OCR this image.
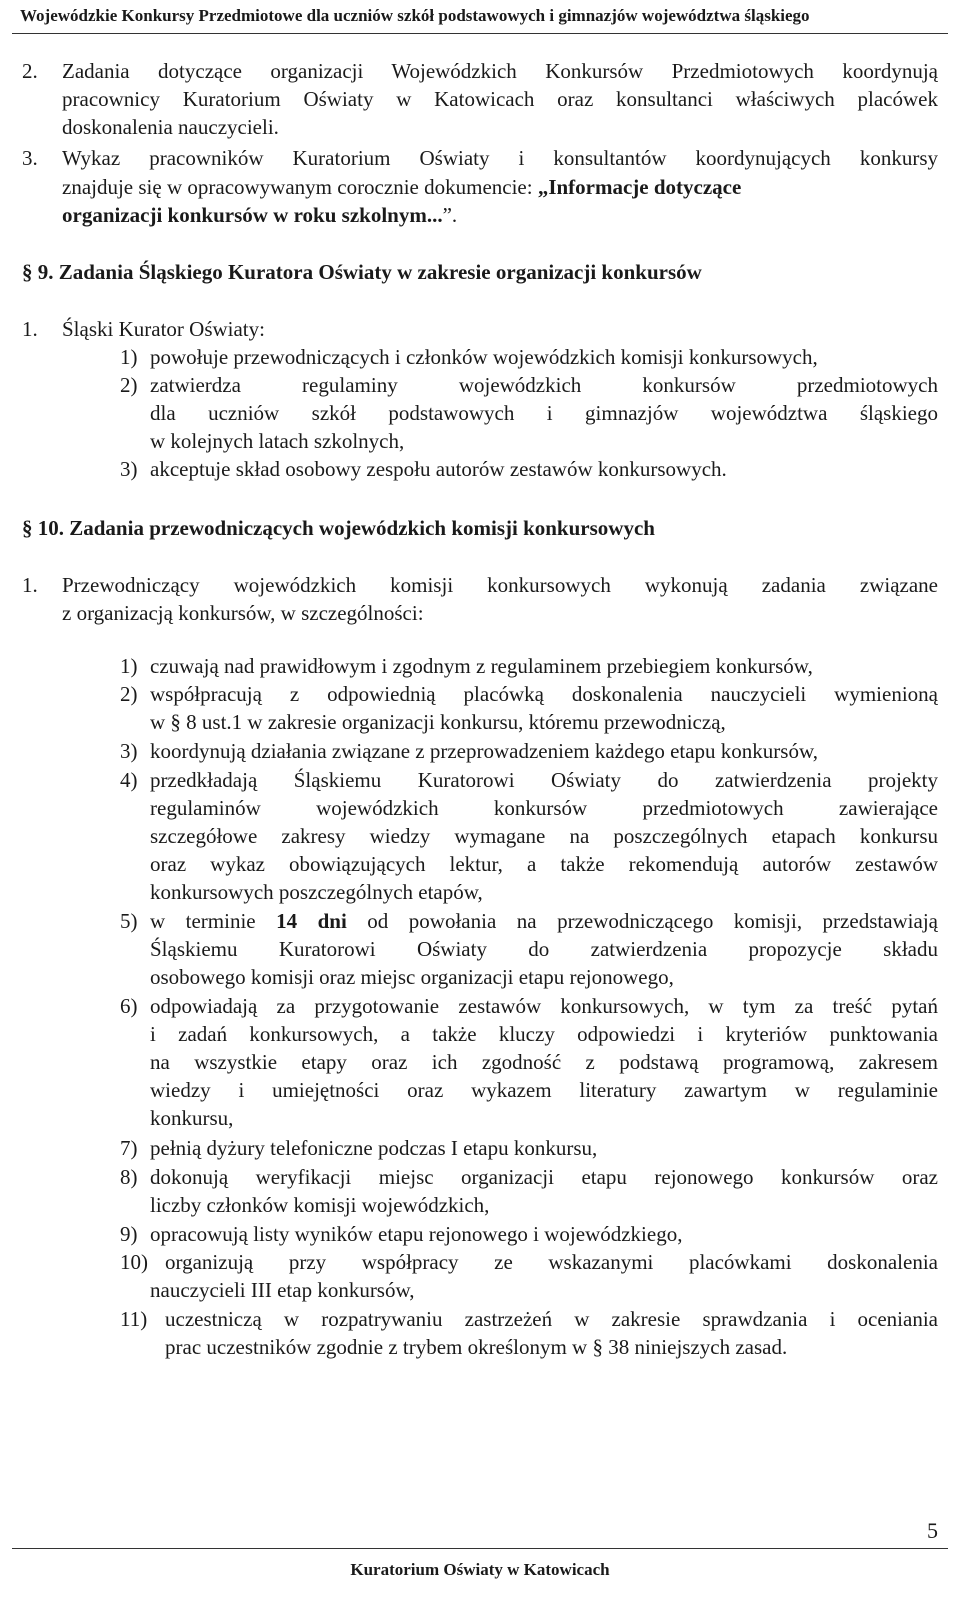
Wojewódzkie Konkursy Przedmiotowe dla uczniów szkół podstawowych i gimnazjów województwa śląskiego
2. Zadania dotyczące organizacji Wojewódzkich Konkursów Przedmiotowych koordynują
pracownicy Kuratorium Oświaty w Katowicach oraz konsultanci właściwych placówek
doskonalenia nauczycieli.
3. Wykaz pracowników Kuratorium Oświaty i konsultantów koordynujących konkursy
znajduje się w opracowywanym corocznie dokumencie: „Informacje dotyczące
organizacji konkursów w roku szkolnym...”.
§ 9. Zadania Śląskiego Kuratora Oświaty w zakresie organizacji konkursów
1. Śląski Kurator Oświaty:
1) powołuje przewodniczących i członków wojewódzkich komisji konkursowych,
2) zatwierdza regulaminy wojewódzkich konkursów przedmiotowych
dla uczniów szkół podstawowych i gimnazjów województwa śląskiego
w kolejnych latach szkolnych,
3) akceptuje skład osobowy zespołu autorów zestawów konkursowych.
§ 10. Zadania przewodniczących wojewódzkich komisji konkursowych
1. Przewodniczący wojewódzkich komisji konkursowych wykonują zadania związane
z organizacją konkursów, w szczególności:
1) czuwają nad prawidłowym i zgodnym z regulaminem przebiegiem konkursów,
2) współpracują z odpowiednią placówką doskonalenia nauczycieli wymienioną
w § 8 ust.1 w zakresie organizacji konkursu, któremu przewodniczą,
3) koordynują działania związane z przeprowadzeniem każdego etapu konkursów,
4) przedkładają Śląskiemu Kuratorowi Oświaty do zatwierdzenia projekty
regulaminów wojewódzkich konkursów przedmiotowych zawierające
szczegółowe zakresy wiedzy wymagane na poszczególnych etapach konkursu
oraz wykaz obowiązujących lektur, a także rekomendują autorów zestawów
konkursowych poszczególnych etapów,
5) w terminie 14 dni od powołania na przewodniczącego komisji, przedstawiają
Śląskiemu Kuratorowi Oświaty do zatwierdzenia propozycje składu
osobowego komisji oraz miejsc organizacji etapu rejonowego,
6) odpowiadają za przygotowanie zestawów konkursowych, w tym za treść pytań
i zadań konkursowych, a także kluczy odpowiedzi i kryteriów punktowania
na wszystkie etapy oraz ich zgodność z podstawą programową, zakresem
wiedzy i umiejętności oraz wykazem literatury zawartym w regulaminie
konkursu,
7) pełnią dyżury telefoniczne podczas I etapu konkursu,
8) dokonują weryfikacji miejsc organizacji etapu rejonowego konkursów oraz
liczby członków komisji wojewódzkich,
9) opracowują listy wyników etapu rejonowego i wojewódzkiego,
10) organizują przy współpracy ze wskazanymi placówkami doskonalenia
nauczycieli III etap konkursów,
11) uczestniczą w rozpatrywaniu zastrzeżeń w zakresie sprawdzania i oceniania
prac uczestników zgodnie z trybem określonym w § 38 niniejszych zasad.
5
Kuratorium Oświaty w Katowicach
